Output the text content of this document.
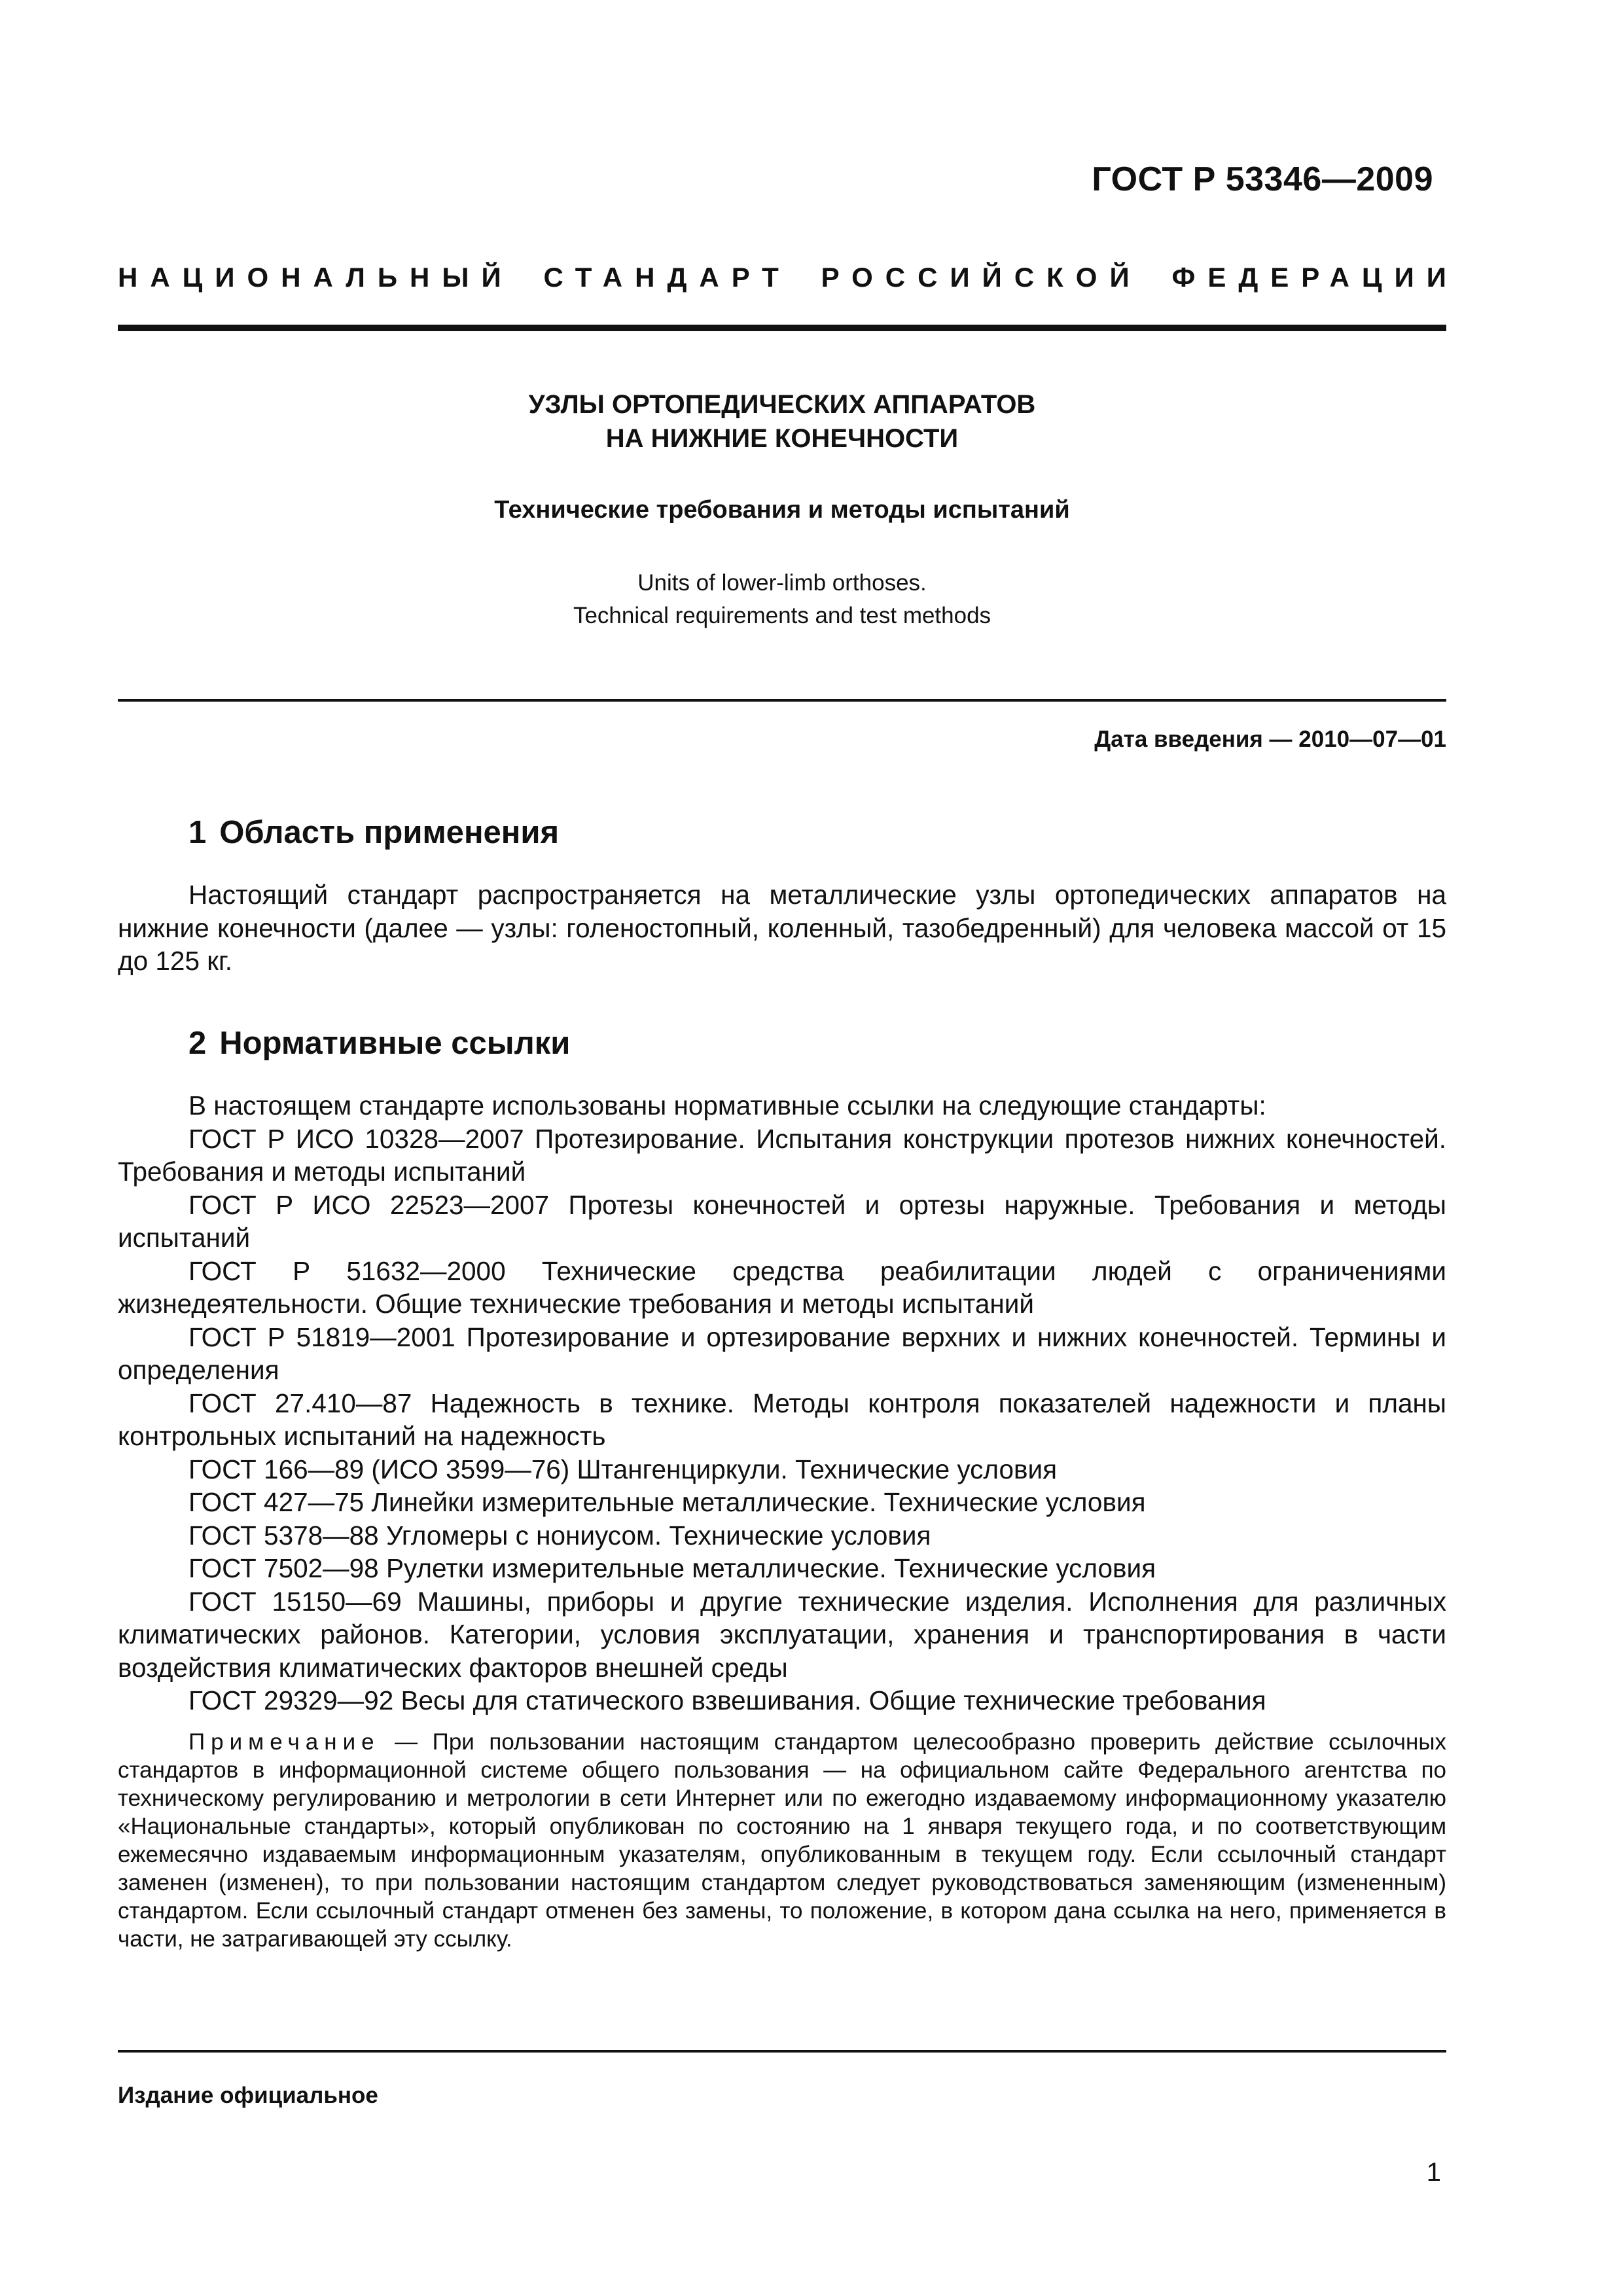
ГОСТ Р 53346—2009
НАЦИОНАЛЬНЫЙ СТАНДАРТ РОССИЙСКОЙ ФЕДЕРАЦИИ
УЗЛЫ ОРТОПЕДИЧЕСКИХ АППАРАТОВ
НА НИЖНИЕ КОНЕЧНОСТИ
Технические требования и методы испытаний
Units of lower-limb orthoses.
Technical requirements and test methods
Дата введения — 2010—07—01
1 Область применения

Настоящий стандарт распространяется на металлические узлы ортопедических аппаратов на нижние конечности (далее — узлы: голеностопный, коленный, тазобедренный) для человека массой от 15 до 125 кг.

2 Нормативные ссылки

В настоящем стандарте использованы нормативные ссылки на следующие стандарты:

ГОСТ Р ИСО 10328—2007 Протезирование. Испытания конструкции протезов нижних конечностей. Требования и методы испытаний

ГОСТ Р ИСО 22523—2007 Протезы конечностей и ортезы наружные. Требования и методы испытаний

ГОСТ Р 51632—2000 Технические средства реабилитации людей с ограничениями жизнедеятельности. Общие технические требования и методы испытаний

ГОСТ Р 51819—2001 Протезирование и ортезирование верхних и нижних конечностей. Термины и определения

ГОСТ 27.410—87 Надежность в технике. Методы контроля показателей надежности и планы контрольных испытаний на надежность

ГОСТ 166—89 (ИСО 3599—76) Штангенциркули. Технические условия

ГОСТ 427—75 Линейки измерительные металлические. Технические условия

ГОСТ 5378—88 Угломеры с нониусом. Технические условия

ГОСТ 7502—98 Рулетки измерительные металлические. Технические условия

ГОСТ 15150—69 Машины, приборы и другие технические изделия. Исполнения для различных климатических районов. Категории, условия эксплуатации, хранения и транспортирования в части воздействия климатических факторов внешней среды

ГОСТ 29329—92 Весы для статического взвешивания. Общие технические требования

Примечание — При пользовании настоящим стандартом целесообразно проверить действие ссылочных стандартов в информационной системе общего пользования — на официальном сайте Федерального агентства по техническому регулированию и метрологии в сети Интернет или по ежегодно издаваемому информационному указателю «Национальные стандарты», который опубликован по состоянию на 1 января текущего года, и по соответствующим ежемесячно издаваемым информационным указателям, опубликованным в текущем году. Если ссылочный стандарт заменен (изменен), то при пользовании настоящим стандартом следует руководствоваться заменяющим (измененным) стандартом. Если ссылочный стандарт отменен без замены, то положение, в котором дана ссылка на него, применяется в части, не затрагивающей эту ссылку.

Издание официальное
1
